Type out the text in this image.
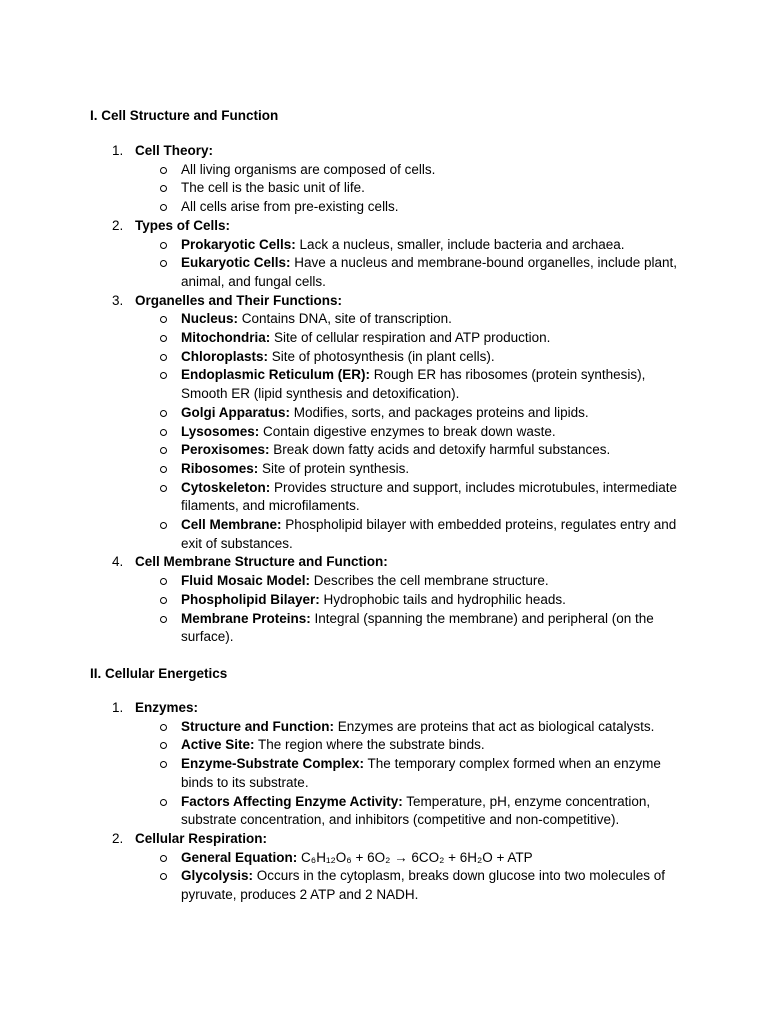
I. Cell Structure and Function
1. Cell Theory:
All living organisms are composed of cells.
The cell is the basic unit of life.
All cells arise from pre-existing cells.
2. Types of Cells:
Prokaryotic Cells: Lack a nucleus, smaller, include bacteria and archaea.
Eukaryotic Cells: Have a nucleus and membrane-bound organelles, include plant, animal, and fungal cells.
3. Organelles and Their Functions:
Nucleus: Contains DNA, site of transcription.
Mitochondria: Site of cellular respiration and ATP production.
Chloroplasts: Site of photosynthesis (in plant cells).
Endoplasmic Reticulum (ER): Rough ER has ribosomes (protein synthesis), Smooth ER (lipid synthesis and detoxification).
Golgi Apparatus: Modifies, sorts, and packages proteins and lipids.
Lysosomes: Contain digestive enzymes to break down waste.
Peroxisomes: Break down fatty acids and detoxify harmful substances.
Ribosomes: Site of protein synthesis.
Cytoskeleton: Provides structure and support, includes microtubules, intermediate filaments, and microfilaments.
Cell Membrane: Phospholipid bilayer with embedded proteins, regulates entry and exit of substances.
4. Cell Membrane Structure and Function:
Fluid Mosaic Model: Describes the cell membrane structure.
Phospholipid Bilayer: Hydrophobic tails and hydrophilic heads.
Membrane Proteins: Integral (spanning the membrane) and peripheral (on the surface).
II. Cellular Energetics
1. Enzymes:
Structure and Function: Enzymes are proteins that act as biological catalysts.
Active Site: The region where the substrate binds.
Enzyme-Substrate Complex: The temporary complex formed when an enzyme binds to its substrate.
Factors Affecting Enzyme Activity: Temperature, pH, enzyme concentration, substrate concentration, and inhibitors (competitive and non-competitive).
2. Cellular Respiration:
General Equation: C₆H₁₂O₆ + 6O₂ → 6CO₂ + 6H₂O + ATP
Glycolysis: Occurs in the cytoplasm, breaks down glucose into two molecules of pyruvate, produces 2 ATP and 2 NADH.
